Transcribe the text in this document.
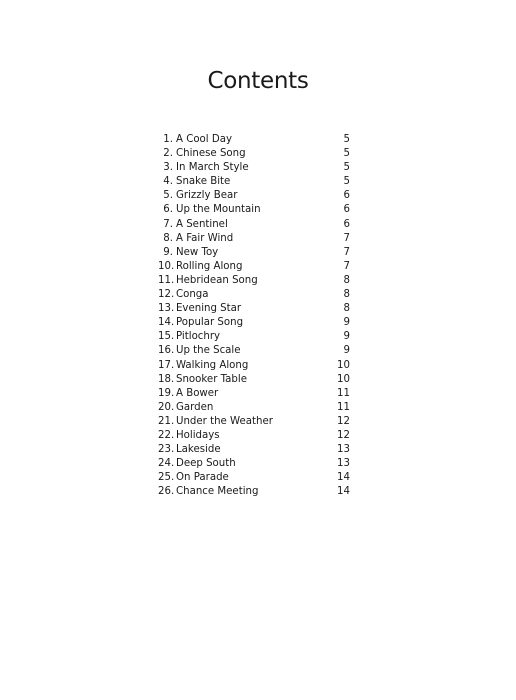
Contents
1. A Cool Day	5
2. Chinese Song	5
3. In March Style	5
4. Snake Bite	5
5. Grizzly Bear	6
6. Up the Mountain	6
7. A Sentinel	6
8. A Fair Wind	7
9. New Toy	7
10. Rolling Along	7
11. Hebridean Song	8
12. Conga	8
13. Evening Star	8
14. Popular Song	9
15. Pitlochry	9
16. Up the Scale	9
17. Walking Along	10
18. Snooker Table	10
19. A Bower	11
20. Garden	11
21. Under the Weather	12
22. Holidays	12
23. Lakeside	13
24. Deep South	13
25. On Parade	14
26. Chance Meeting	14
